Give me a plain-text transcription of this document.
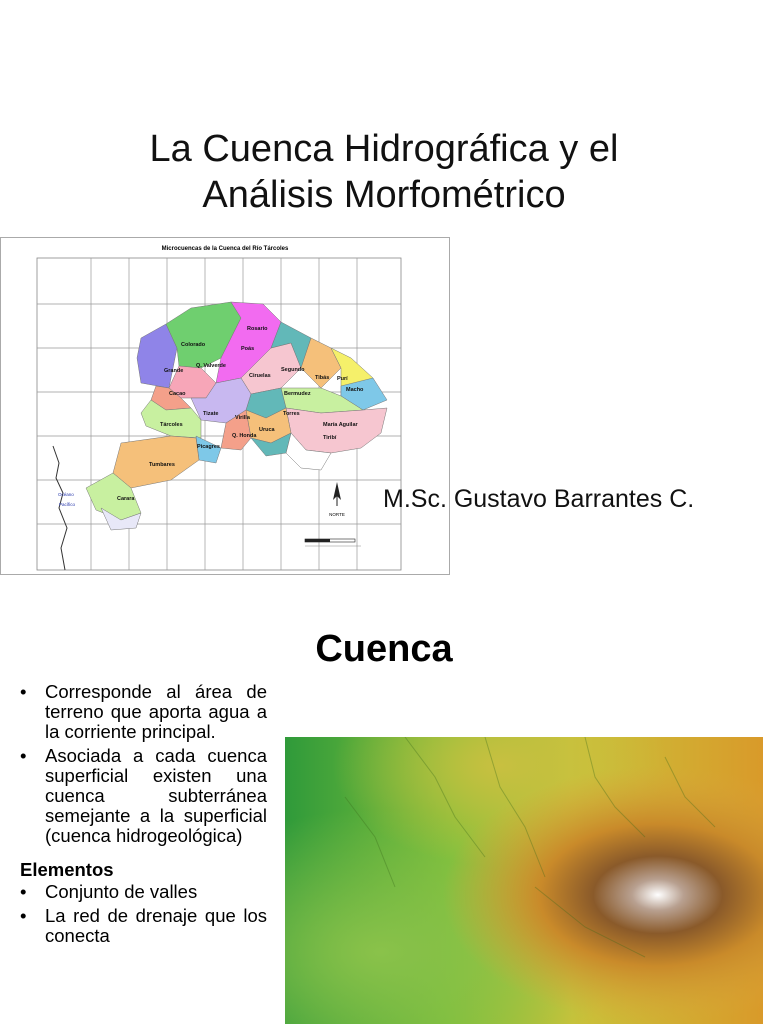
La Cuenca Hidrográfica y el
Análisis Morfométrico
Microcuencas de la Cuenca del Río Tárcoles
Rosario
Colorado
Poás
Grande
Q. Valverde
Ciruelas
Segundo
Tibás Purí
Macho
Cacao	Bermudez
Torres
Tizate
Tárcoles
Virilla
María Aguilar
Uruca
Tiribí
Q. Honda
Picagres
Tumbares
Carara
Océano
Pacífico
NORTE
M.Sc. Gustavo Barrantes C.
Cuenca
• Corresponde al área de terreno que aporta agua a la corriente principal.
• Asociada a cada cuenca superficial existen una cuenca subterránea semejante a la superficial (cuenca hidrogeológica)
Elementos
• Conjunto de valles
• La red de drenaje que los conecta
